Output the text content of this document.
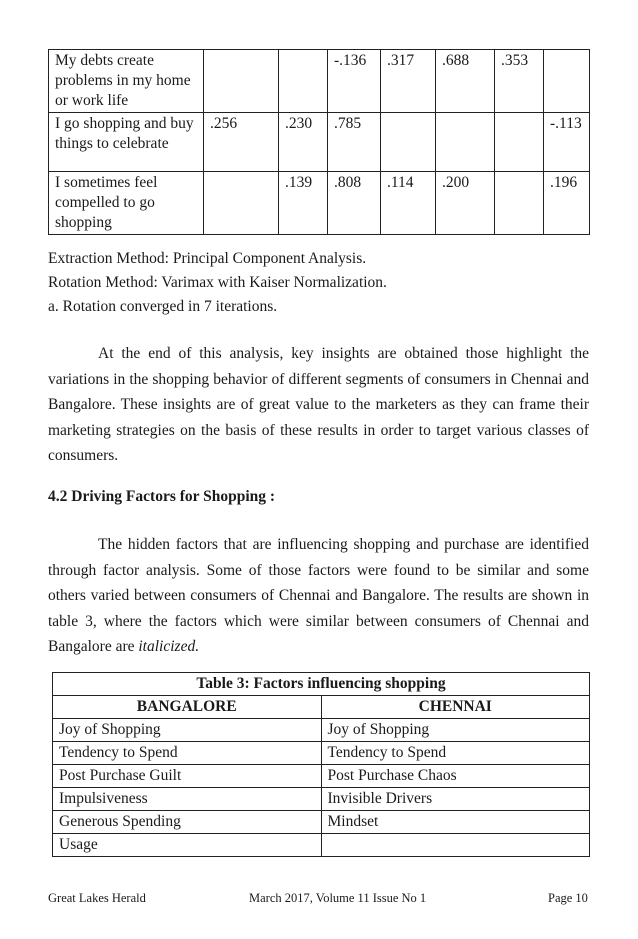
My debts create problems in my home or work life			-.136	.317	.688	.353	
I go shopping and buy things to celebrate	.256	.230	.785				-.113
I sometimes feel compelled to go shopping		.139	.808	.114	.200		.196

Extraction Method: Principal Component Analysis.

Rotation Method: Varimax with Kaiser Normalization.

a. Rotation converged in 7 iterations.

At the end of this analysis, key insights are obtained those highlight the variations in the shopping behavior of different segments of consumers in Chennai and Bangalore. These insights are of great value to the marketers as they can frame their marketing strategies on the basis of these results in order to target various classes of consumers.

4.2 Driving Factors for Shopping :

The hidden factors that are influencing shopping and purchase are identified through factor analysis. Some of those factors were found to be similar and some others varied between consumers of Chennai and Bangalore. The results are shown in table 3, where the factors which were similar between consumers of Chennai and Bangalore are italicized.

Table 3: Factors influencing shopping	
BANGALORE	CHENNAI
Joy of Shopping	Joy of Shopping
Tendency to Spend	Tendency to Spend
Post Purchase Guilt	Post Purchase Chaos
Impulsiveness	Invisible Drivers
Generous Spending	Mindset
Usage	
Great Lakes Herald	March 2017, Volume 11 Issue No 1	Page 10
